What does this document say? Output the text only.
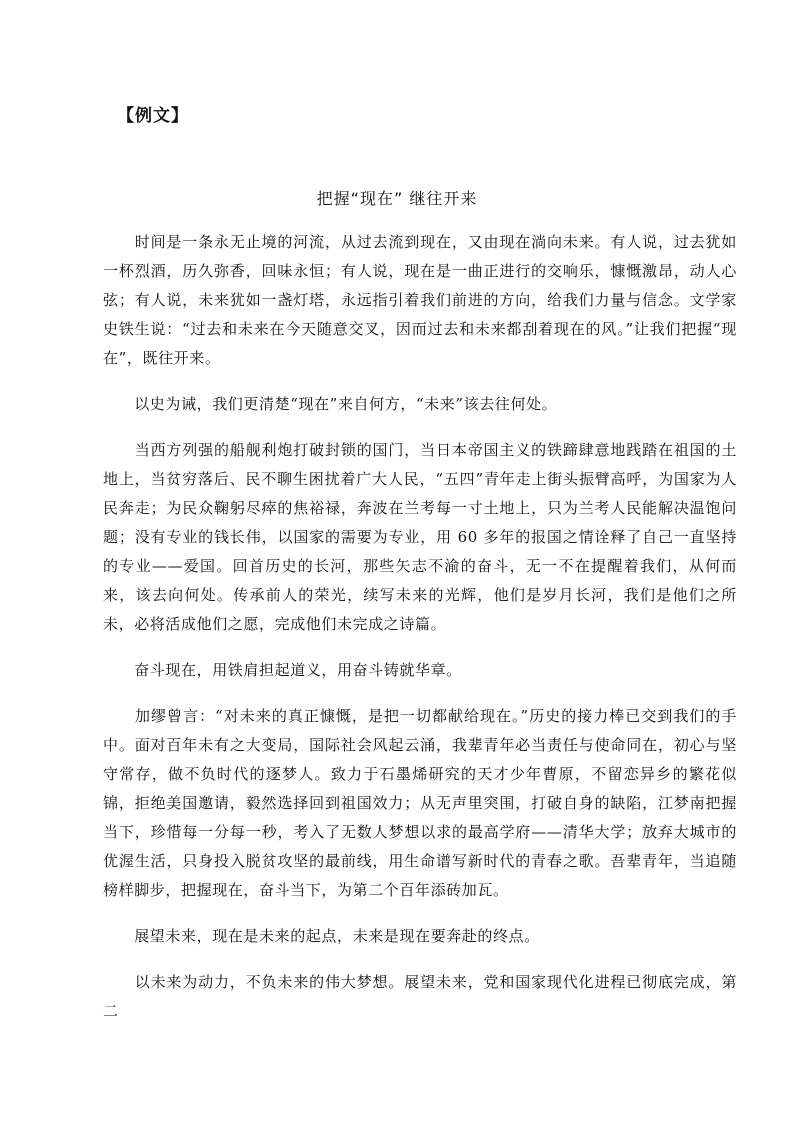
【例文】
把握“现在” 继往开来

　　时间是一条永无止境的河流，从过去流到现在，又由现在淌向未来。有人说，过去犹如一杯烈酒，历久弥香，回味永恒；有人说，现在是一曲正进行的交响乐，慷慨激昂，动人心弦；有人说，未来犹如一盏灯塔，永远指引着我们前进的方向，给我们力量与信念。文学家史铁生说：“过去和未来在今天随意交叉，因而过去和未来都刮着现在的风。”让我们把握“现在”，既往开来。

　　以史为诫，我们更清楚“现在”来自何方，“未来”该去往何处。

　　当西方列强的船舰利炮打破封锁的国门，当日本帝国主义的铁蹄肆意地践踏在祖国的土地上，当贫穷落后、民不聊生困扰着广大人民，“五四”青年走上街头振臂高呼，为国家为人民奔走；为民众鞠躬尽瘁的焦裕禄，奔波在兰考每一寸土地上，只为兰考人民能解决温饱问题；没有专业的钱长伟，以国家的需要为专业，用 60 多年的报国之情诠释了自己一直坚持的专业——爱国。回首历史的长河，那些矢志不渝的奋斗，无一不在提醒着我们，从何而来，该去向何处。传承前人的荣光，续写未来的光辉，他们是岁月长河，我们是他们之所未，必将活成他们之愿，完成他们未完成之诗篇。

　　奋斗现在，用铁肩担起道义，用奋斗铸就华章。

　　加缪曾言：“对未来的真正慷慨，是把一切都献给现在。”历史的接力棒已交到我们的手中。面对百年未有之大变局，国际社会风起云涌，我辈青年必当责任与使命同在，初心与坚守常存，做不负时代的逐梦人。致力于石墨烯研究的天才少年曹原，不留恋异乡的繁花似锦，拒绝美国邀请，毅然选择回到祖国效力；从无声里突围，打破自身的缺陷，江梦南把握当下，珍惜每一分每一秒，考入了无数人梦想以求的最高学府——清华大学；放弃大城市的优渥生活，只身投入脱贫攻坚的最前线，用生命谱写新时代的青春之歌。吾辈青年，当追随榜样脚步，把握现在，奋斗当下，为第二个百年添砖加瓦。

　　展望未来，现在是未来的起点，未来是现在要奔赴的终点。

　　以未来为动力，不负未来的伟大梦想。展望未来，党和国家现代化进程已彻底完成，第二
